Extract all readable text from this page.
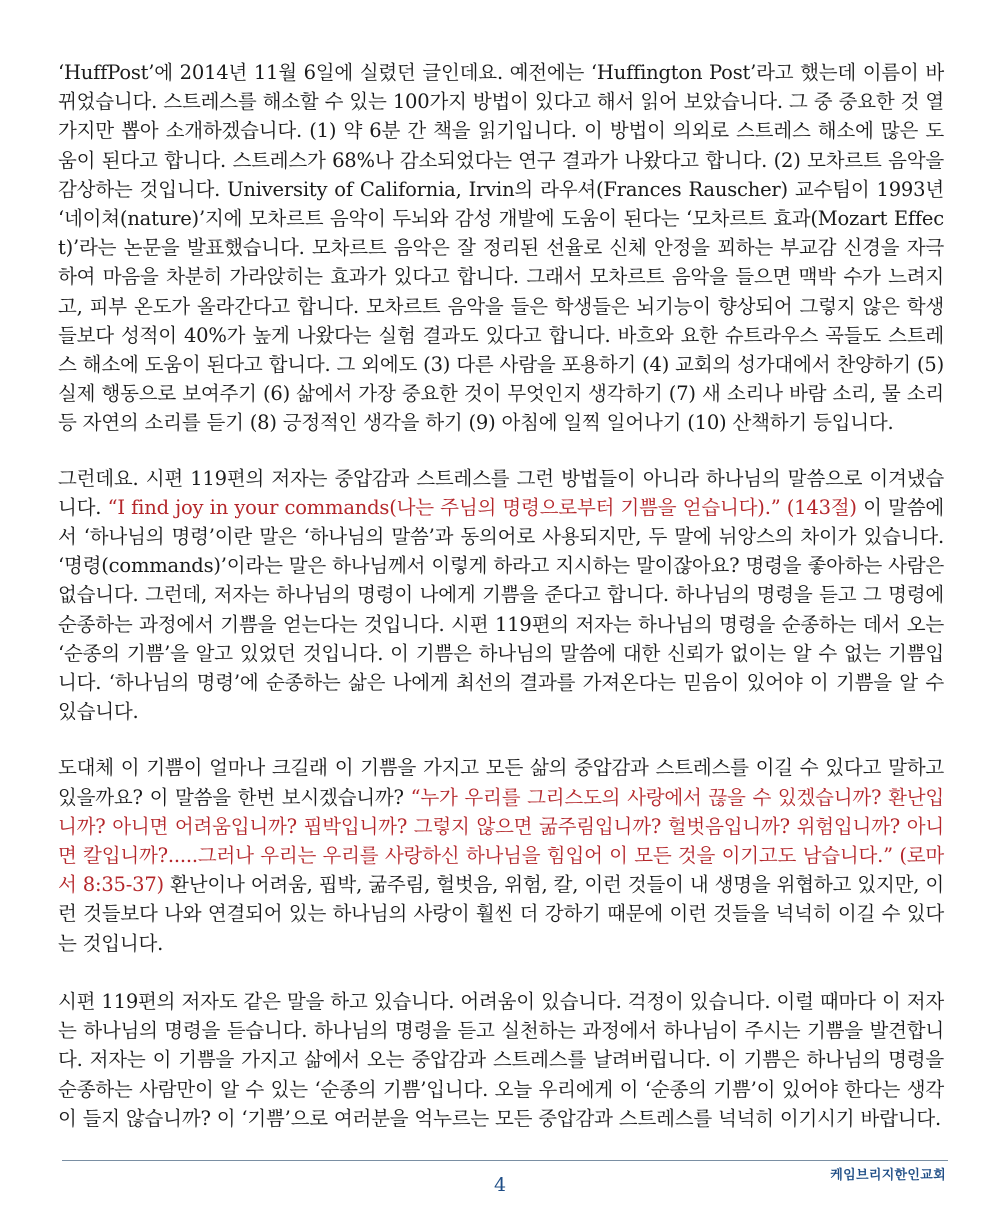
‘HuffPost’에 2014년 11월 6일에 실렸던 글인데요. 예전에는 ‘Huffington Post’라고 했는데 이름이 바뀌었습니다. 스트레스를 해소할 수 있는 100가지 방법이 있다고 해서 읽어 보았습니다. 그 중 중요한 것 열 가지만 뽑아 소개하겠습니다. (1) 약 6분 간 책을 읽기입니다. 이 방법이 의외로 스트레스 해소에 많은 도움이 된다고 합니다. 스트레스가 68%나 감소되었다는 연구 결과가 나왔다고 합니다. (2) 모차르트 음악을 감상하는 것입니다. University of California, Irvin의 라우셔(Frances Rauscher) 교수팀이 1993년 ‘네이쳐(nature)’지에 모차르트 음악이 두뇌와 감성 개발에 도움이 된다는 ‘모차르트 효과(Mozart Effect)’라는 논문을 발표했습니다. 모차르트 음악은 잘 정리된 선율로 신체 안정을 꾀하는 부교감 신경을 자극하여 마음을 차분히 가라앉히는 효과가 있다고 합니다. 그래서 모차르트 음악을 들으면 맥박 수가 느려지고, 피부 온도가 올라간다고 합니다. 모차르트 음악을 들은 학생들은 뇌기능이 향상되어 그렇지 않은 학생들보다 성적이 40%가 높게 나왔다는 실험 결과도 있다고 합니다. 바흐와 요한 슈트라우스 곡들도 스트레스 해소에 도움이 된다고 합니다. 그 외에도 (3) 다른 사람을 포용하기 (4) 교회의 성가대에서 찬양하기 (5) 실제 행동으로 보여주기 (6) 삶에서 가장 중요한 것이 무엇인지 생각하기 (7) 새 소리나 바람 소리, 물 소리 등 자연의 소리를 듣기 (8) 긍정적인 생각을 하기 (9) 아침에 일찍 일어나기 (10) 산책하기 등입니다.

그런데요. 시편 119편의 저자는 중압감과 스트레스를 그런 방법들이 아니라 하나님의 말씀으로 이겨냈습니다. “I find joy in your commands(나는 주님의 명령으로부터 기쁨을 얻습니다).” (143절) 이 말씀에서 ‘하나님의 명령’이란 말은 ‘하나님의 말씀’과 동의어로 사용되지만, 두 말에 뉘앙스의 차이가 있습니다. ‘명령(commands)’이라는 말은 하나님께서 이렇게 하라고 지시하는 말이잖아요? 명령을 좋아하는 사람은 없습니다. 그런데, 저자는 하나님의 명령이 나에게 기쁨을 준다고 합니다. 하나님의 명령을 듣고 그 명령에 순종하는 과정에서 기쁨을 얻는다는 것입니다. 시편 119편의 저자는 하나님의 명령을 순종하는 데서 오는 ‘순종의 기쁨’을 알고 있었던 것입니다. 이 기쁨은 하나님의 말씀에 대한 신뢰가 없이는 알 수 없는 기쁨입니다. ‘하나님의 명령’에 순종하는 삶은 나에게 최선의 결과를 가져온다는 믿음이 있어야 이 기쁨을 알 수 있습니다.

도대체 이 기쁨이 얼마나 크길래 이 기쁨을 가지고 모든 삶의 중압감과 스트레스를 이길 수 있다고 말하고 있을까요? 이 말씀을 한번 보시겠습니까? “누가 우리를 그리스도의 사랑에서 끊을 수 있겠습니까? 환난입니까? 아니면 어려움입니까? 핍박입니까? 그렇지 않으면 굶주림입니까? 헐벗음입니까? 위험입니까? 아니면 칼입니까?.....그러나 우리는 우리를 사랑하신 하나님을 힘입어 이 모든 것을 이기고도 남습니다.” (로마서 8:35-37) 환난이나 어려움, 핍박, 굶주림, 헐벗음, 위험, 칼, 이런 것들이 내 생명을 위협하고 있지만, 이런 것들보다 나와 연결되어 있는 하나님의 사랑이 훨씬 더 강하기 때문에 이런 것들을 넉넉히 이길 수 있다는 것입니다.

시편 119편의 저자도 같은 말을 하고 있습니다. 어려움이 있습니다. 걱정이 있습니다. 이럴 때마다 이 저자는 하나님의 명령을 듣습니다. 하나님의 명령을 듣고 실천하는 과정에서 하나님이 주시는 기쁨을 발견합니다. 저자는 이 기쁨을 가지고 삶에서 오는 중압감과 스트레스를 날려버립니다. 이 기쁨은 하나님의 명령을 순종하는 사람만이 알 수 있는 ‘순종의 기쁨’입니다. 오늘 우리에게 이 ‘순종의 기쁨’이 있어야 한다는 생각이 들지 않습니까? 이 ‘기쁨’으로 여러분을 억누르는 모든 중압감과 스트레스를 넉넉히 이기시기 바랍니다.

4	케임브리지한인교회
